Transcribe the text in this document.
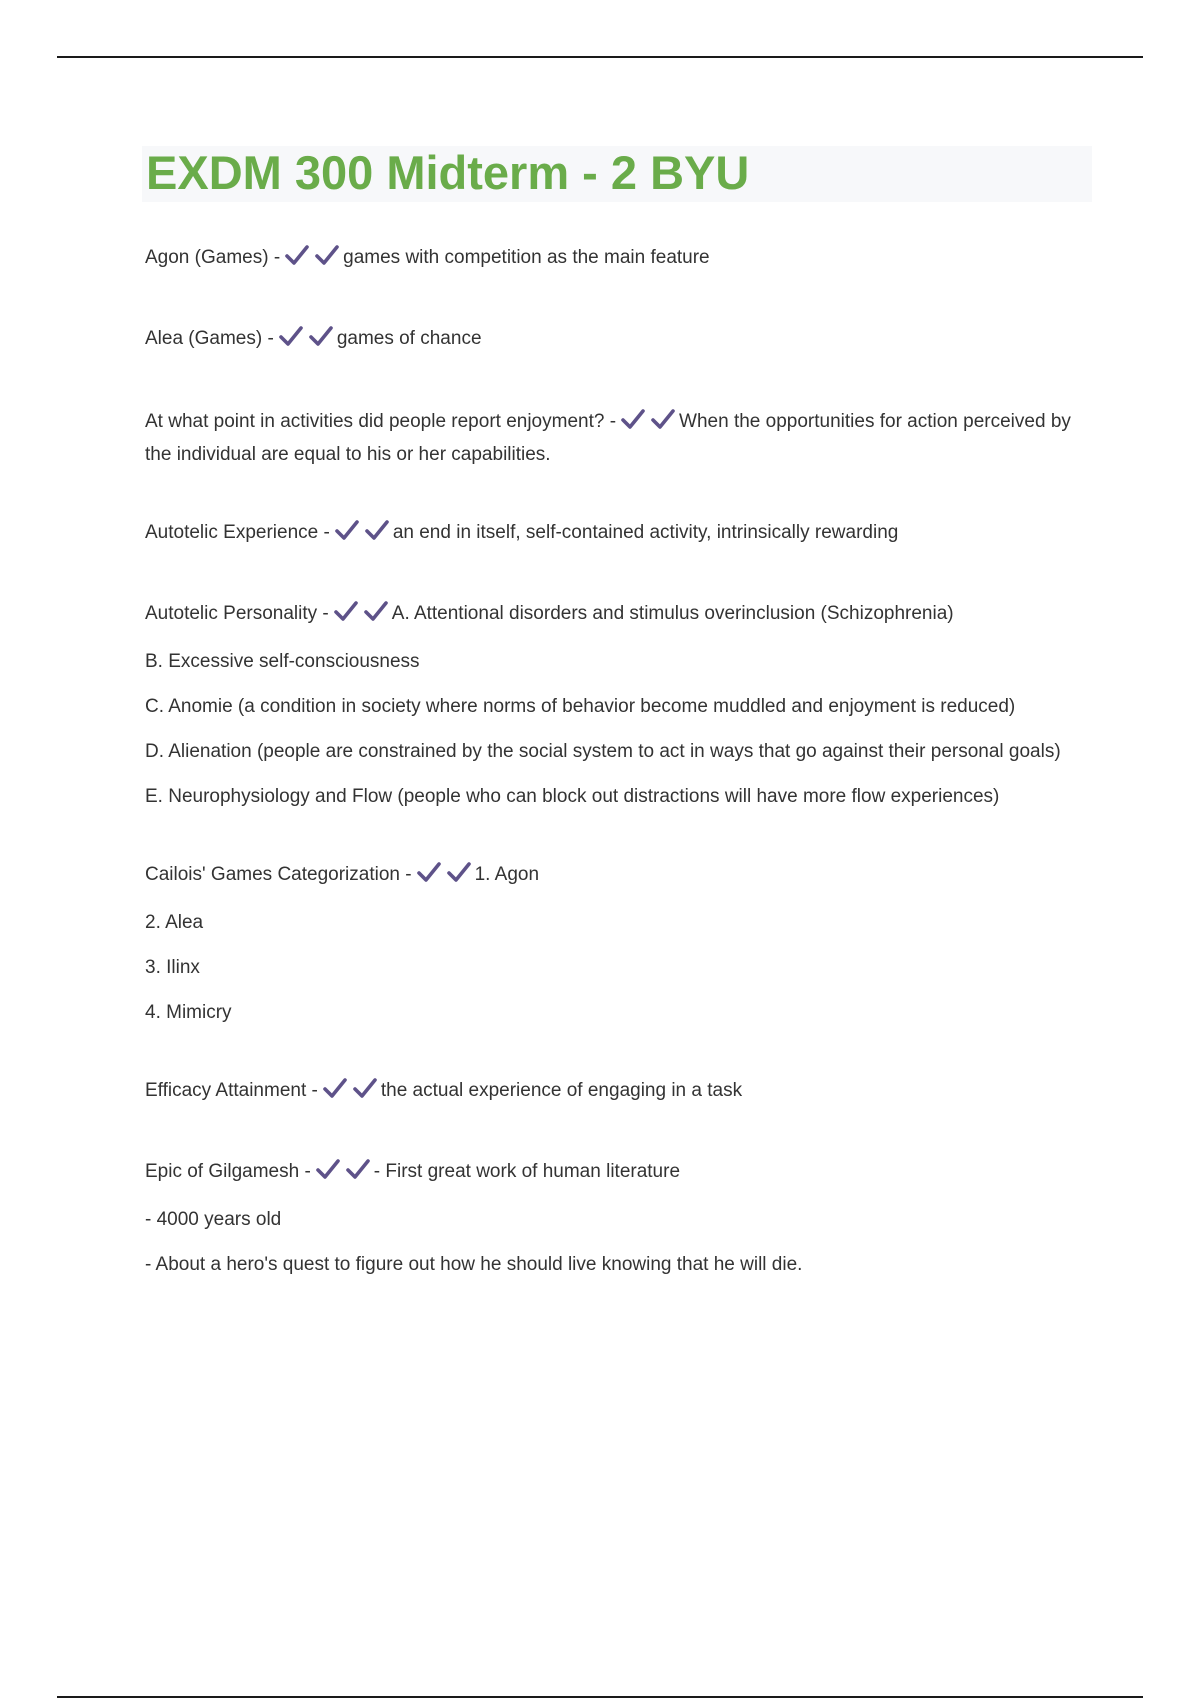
EXDM 300 Midterm - 2 BYU

Agon (Games) -	games with competition as the main feature

Alea (Games) -	games of chance

At what point in activities did people report enjoyment? -	When the opportunities for action perceived by the individual are equal to his or her capabilities.

Autotelic Experience -	an end in itself, self-contained activity, intrinsically rewarding

Autotelic Personality -	A. Attentional disorders and stimulus overinclusion (Schizophrenia)

B. Excessive self-consciousness

C. Anomie (a condition in society where norms of behavior become muddled and enjoyment is reduced)

D. Alienation (people are constrained by the social system to act in ways that go against their personal goals)

E. Neurophysiology and Flow (people who can block out distractions will have more flow experiences)

Cailois' Games Categorization -	1. Agon

2. Alea

3. Ilinx

4. Mimicry

Efficacy Attainment -	the actual experience of engaging in a task

Epic of Gilgamesh -	- First great work of human literature

- 4000 years old

- About a hero's quest to figure out how he should live knowing that he will die.
